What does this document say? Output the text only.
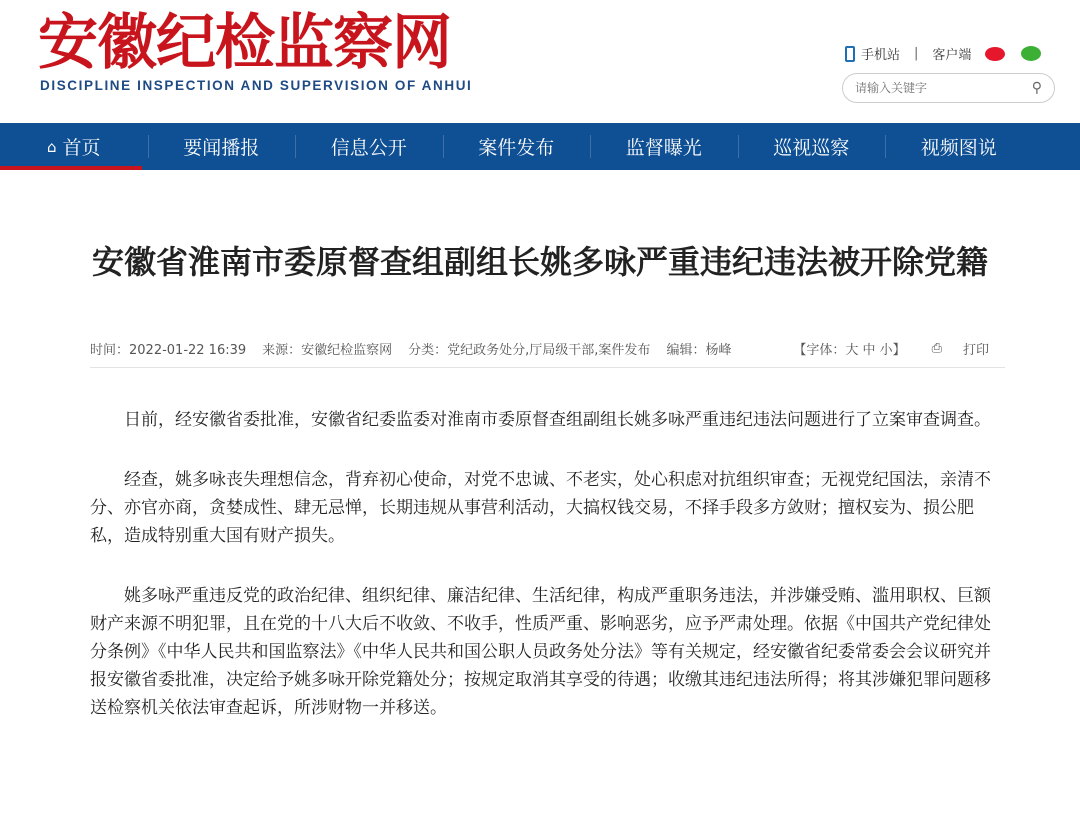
安徽纪检监察网
DISCIPLINE INSPECTION AND SUPERVISION OF ANHUI
手机站 | 客户端
请输入关键字
⚲
⌂ 首页	要闻播报	信息公开	案件发布	监督曝光	巡视巡察	视频图说
安徽省淮南市委原督查组副组长姚多咏严重违纪违法被开除党籍
时间：2022-01-22 16:39 来源：安徽纪检监察网 分类：党纪政务处分,厅局级干部,案件发布 编辑：杨峰	【字体：大 中 小】 ⎙ 打印

日前，经安徽省委批准，安徽省纪委监委对淮南市委原督查组副组长姚多咏严重违纪违法问题进行了立案审查调查。

经查，姚多咏丧失理想信念，背弃初心使命，对党不忠诚、不老实，处心积虑对抗组织审查；无视党纪国法，亲清不分、亦官亦商，贪婪成性、肆无忌惮，长期违规从事营利活动，大搞权钱交易，不择手段多方敛财；擅权妄为、损公肥私，造成特别重大国有财产损失。

姚多咏严重违反党的政治纪律、组织纪律、廉洁纪律、生活纪律，构成严重职务违法，并涉嫌受贿、滥用职权、巨额财产来源不明犯罪，且在党的十八大后不收敛、不收手，性质严重、影响恶劣，应予严肃处理。依据《中国共产党纪律处分条例》《中华人民共和国监察法》《中华人民共和国公职人员政务处分法》等有关规定，经安徽省纪委常委会会议研究并报安徽省委批准，决定给予姚多咏开除党籍处分；按规定取消其享受的待遇；收缴其违纪违法所得；将其涉嫌犯罪问题移送检察机关依法审查起诉，所涉财物一并移送。
